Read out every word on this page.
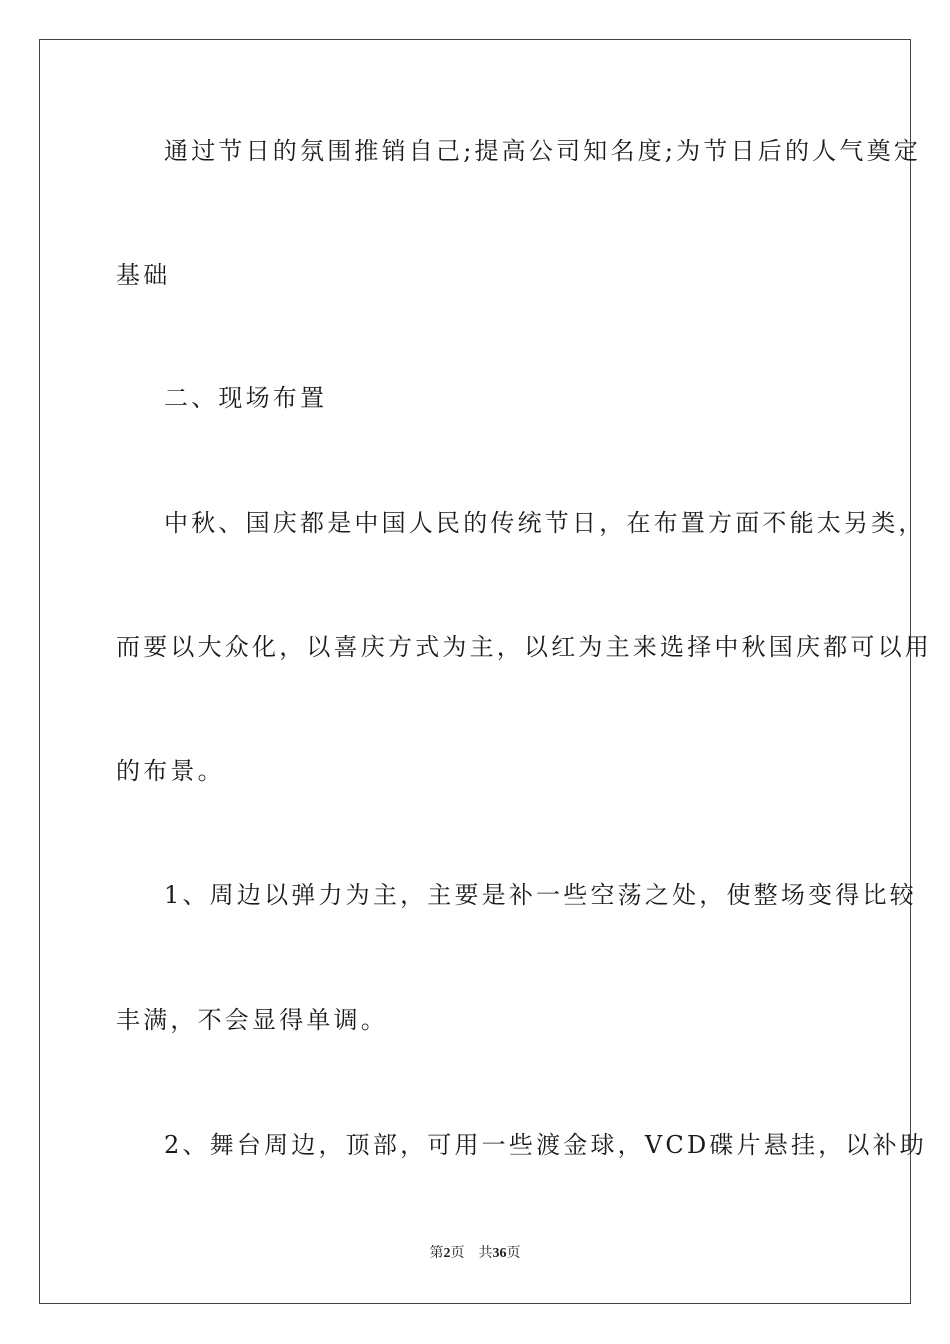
通过节日的氛围推销自己;提高公司知名度;为节日后的人气奠定
基础
二、现场布置
中秋、国庆都是中国人民的传统节日，在布置方面不能太另类，
而要以大众化，以喜庆方式为主，以红为主来选择中秋国庆都可以用
的布景。
1、周边以弹力为主，主要是补一些空荡之处，使整场变得比较
丰满，不会显得单调。
2、舞台周边，顶部，可用一些渡金球，VCD碟片悬挂，以补助
第2页 共36页
